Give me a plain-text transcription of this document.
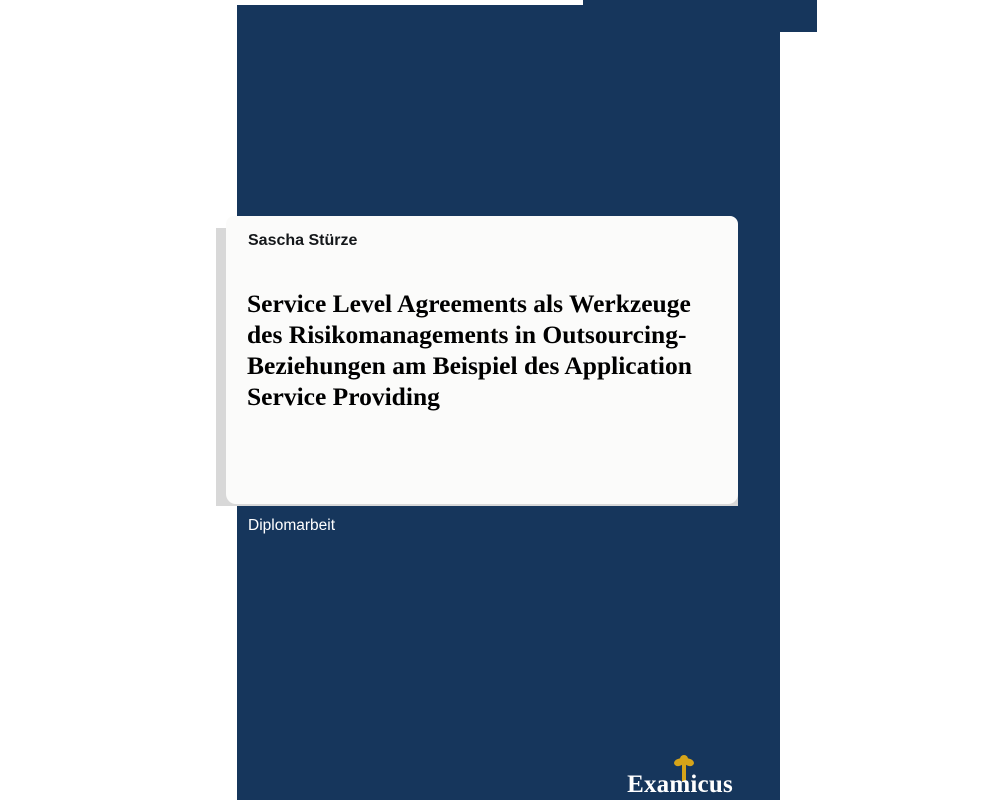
Sascha Stürze
Service Level Agreements als Werkzeuge des Risikomanagements in Outsourcing-Beziehungen am Beispiel des Application Service Providing
Diplomarbeit
Examicus
